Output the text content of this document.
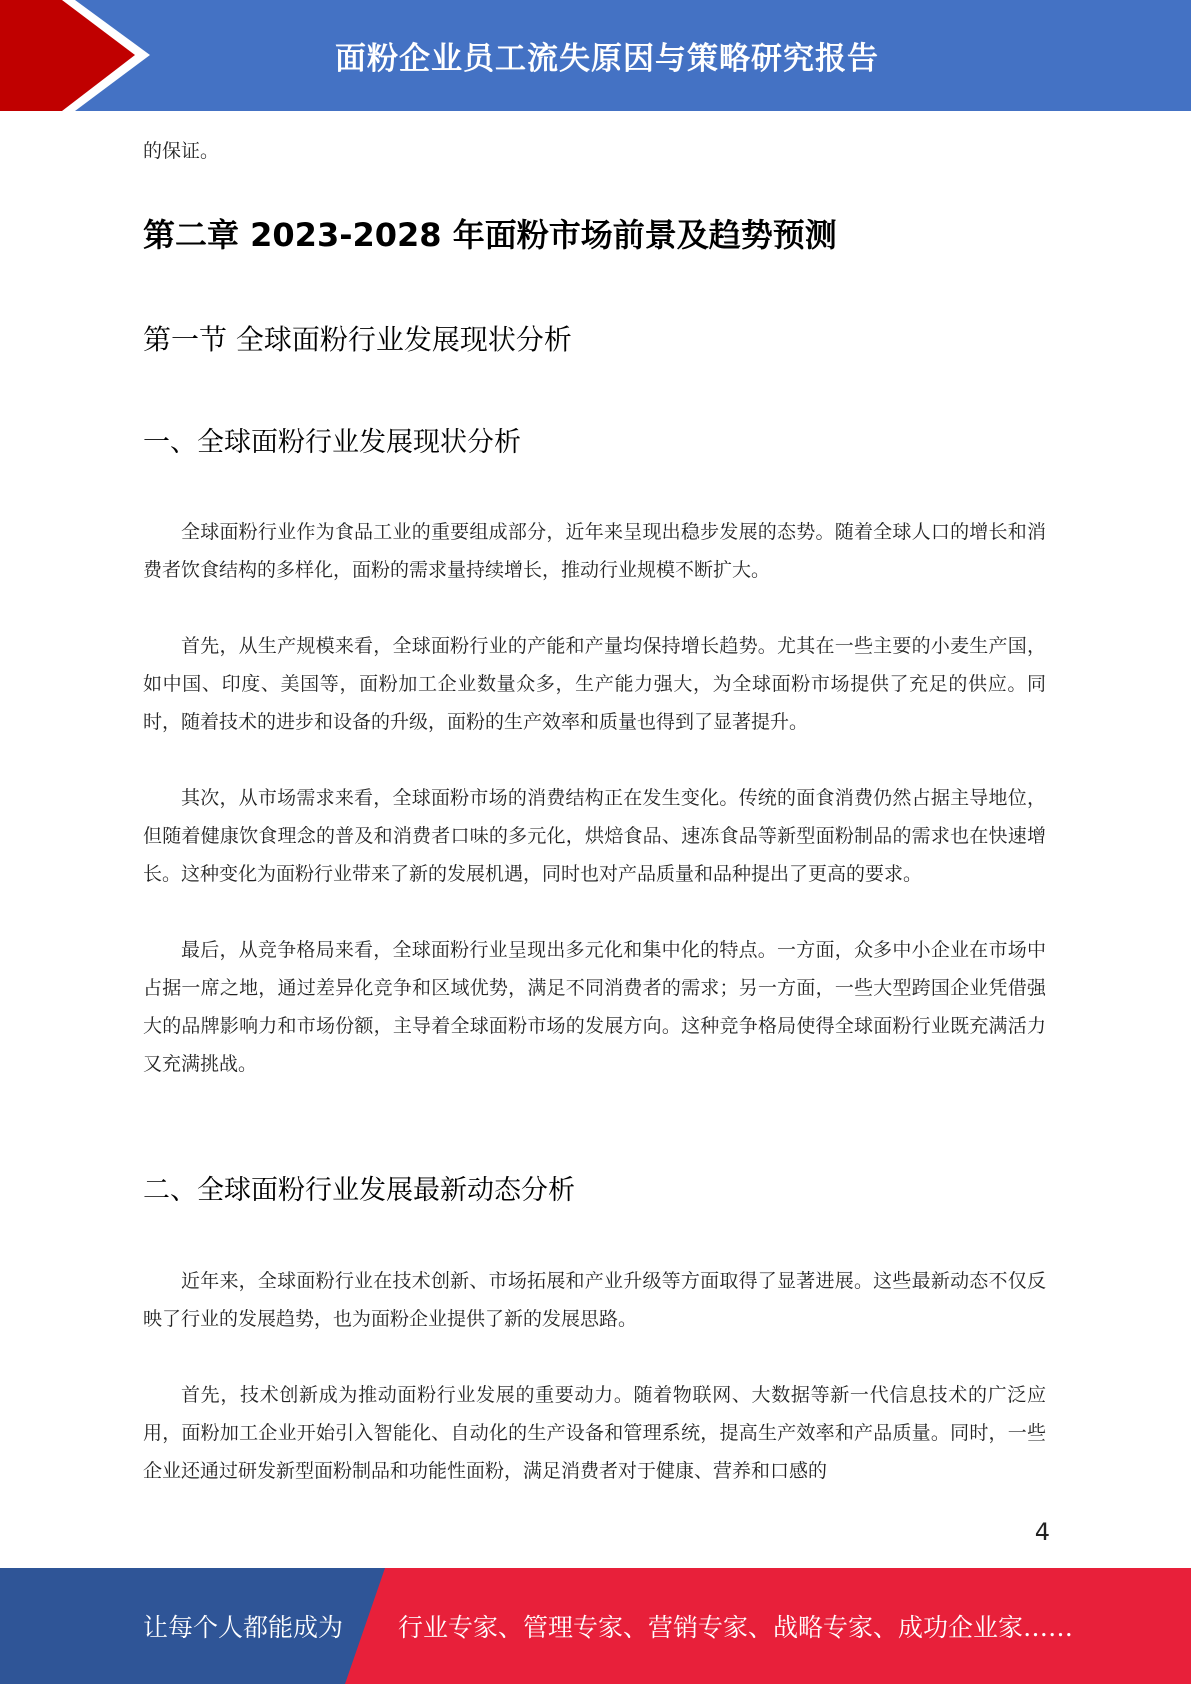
面粉企业员工流失原因与策略研究报告
的保证。
第二章 2023-2028 年面粉市场前景及趋势预测
第一节 全球面粉行业发展现状分析
一、全球面粉行业发展现状分析

全球面粉行业作为食品工业的重要组成部分，近年来呈现出稳步发展的态势。随着全球人口的增长和消费者饮食结构的多样化，面粉的需求量持续增长，推动行业规模不断扩大。

首先，从生产规模来看，全球面粉行业的产能和产量均保持增长趋势。尤其在一些主要的小麦生产国，如中国、印度、美国等，面粉加工企业数量众多，生产能力强大，为全球面粉市场提供了充足的供应。同时，随着技术的进步和设备的升级，面粉的生产效率和质量也得到了显著提升。

其次，从市场需求来看，全球面粉市场的消费结构正在发生变化。传统的面食消费仍然占据主导地位，但随着健康饮食理念的普及和消费者口味的多元化，烘焙食品、速冻食品等新型面粉制品的需求也在快速增长。这种变化为面粉行业带来了新的发展机遇，同时也对产品质量和品种提出了更高的要求。

最后，从竞争格局来看，全球面粉行业呈现出多元化和集中化的特点。一方面，众多中小企业在市场中占据一席之地，通过差异化竞争和区域优势，满足不同消费者的需求；另一方面，一些大型跨国企业凭借强大的品牌影响力和市场份额，主导着全球面粉市场的发展方向。这种竞争格局使得全球面粉行业既充满活力又充满挑战。

二、全球面粉行业发展最新动态分析

近年来，全球面粉行业在技术创新、市场拓展和产业升级等方面取得了显著进展。这些最新动态不仅反映了行业的发展趋势，也为面粉企业提供了新的发展思路。

首先，技术创新成为推动面粉行业发展的重要动力。随着物联网、大数据等新一代信息技术的广泛应用，面粉加工企业开始引入智能化、自动化的生产设备和管理系统，提高生产效率和产品质量。同时，一些企业还通过研发新型面粉制品和功能性面粉，满足消费者对于健康、营养和口感的

4
让每个人都能成为 行业专家、管理专家、营销专家、战略专家、成功企业家……
